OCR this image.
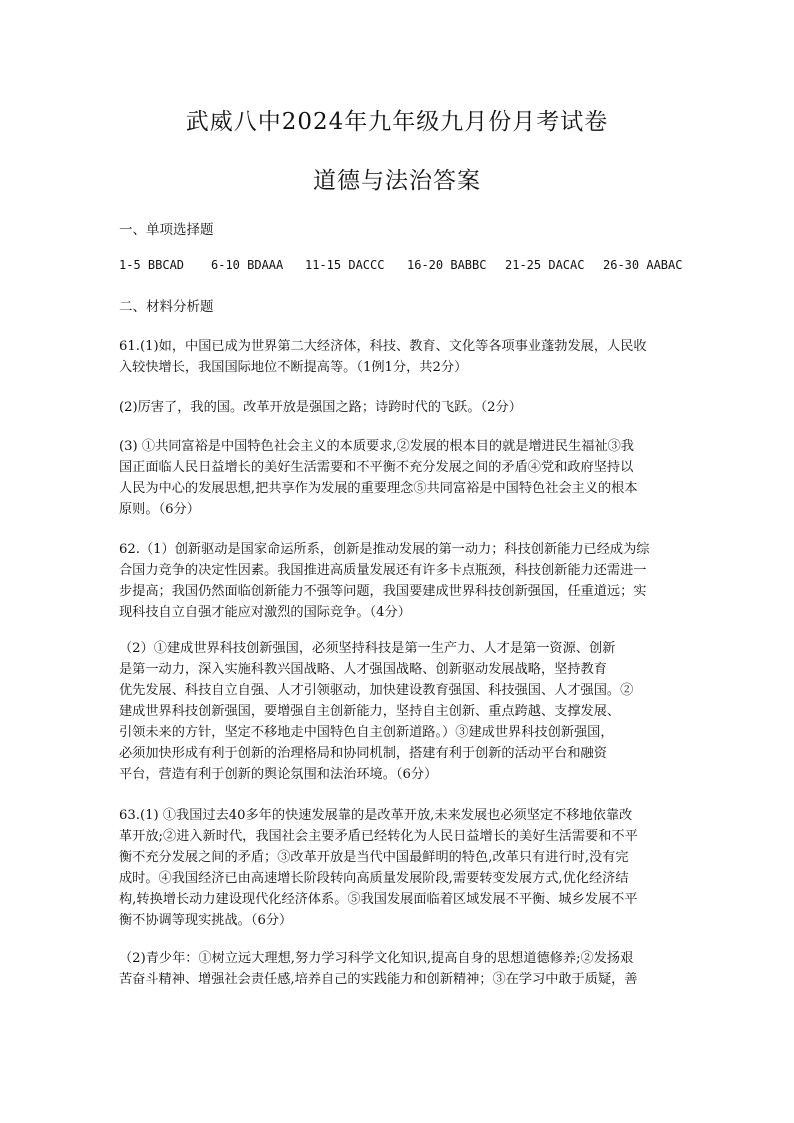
武威八中2024年九年级九月份月考试卷
道德与法治答案
一、单项选择题
1-5 BBCAD 6-10 BDAAA 11-15 DACCC 16-20 BABBC 21-25 DACAC 26-30 AABAC
二、材料分析题
61.(1)如，中国已成为世界第二大经济体，科技、教育、文化等各项事业蓬勃发展，人民收
入较快增长，我国国际地位不断提高等。（1例1分，共2分）
(2)厉害了，我的国。改革开放是强国之路；诗跨时代的飞跃。（2分）
(3) ①共同富裕是中国特色社会主义的本质要求,②发展的根本目的就是增进民生福祉③我
国正面临人民日益增长的美好生活需要和不平衡不充分发展之间的矛盾④党和政府坚持以
人民为中心的发展思想,把共享作为发展的重要理念⑤共同富裕是中国特色社会主义的根本
原则。（6分）
62.（1）创新驱动是国家命运所系，创新是推动发展的第一动力；科技创新能力已经成为综
合国力竞争的决定性因素。我国推进高质量发展还有许多卡点瓶颈，科技创新能力还需进一
步提高；我国仍然面临创新能力不强等问题，我国要建成世界科技创新强国，任重道远；实
现科技自立自强才能应对激烈的国际竞争。（4分）
（2）①建成世界科技创新强国，必须坚持科技是第一生产力、人才是第一资源、创新
是第一动力，深入实施科教兴国战略、人才强国战略、创新驱动发展战略，坚持教育
优先发展、科技自立自强、人才引领驱动，加快建设教育强国、科技强国、人才强国。②
建成世界科技创新强国，要增强自主创新能力，坚持自主创新、重点跨越、支撑发展、
引领未来的方针，坚定不移地走中国特色自主创新道路。）③建成世界科技创新强国，
必须加快形成有利于创新的治理格局和协同机制，搭建有利于创新的活动平台和融资
平台，营造有利于创新的舆论氛围和法治环境。（6分）
63.(1) ①我国过去40多年的快速发展靠的是改革开放,未来发展也必须坚定不移地依靠改
革开放;②进入新时代，我国社会主要矛盾已经转化为人民日益增长的美好生活需要和不平
衡不充分发展之间的矛盾；③改革开放是当代中国最鲜明的特色,改革只有进行时,没有完
成时。④我国经济已由高速增长阶段转向高质量发展阶段,需要转变发展方式,优化经济结
构,转换增长动力建设现代化经济体系。⑤我国发展面临着区域发展不平衡、城乡发展不平
衡不协调等现实挑战。（6分）
（2)青少年：①树立远大理想,努力学习科学文化知识,提高自身的思想道德修养;②发扬艰
苦奋斗精神、增强社会责任感,培养自己的实践能力和创新精神；③在学习中敢于质疑，善
